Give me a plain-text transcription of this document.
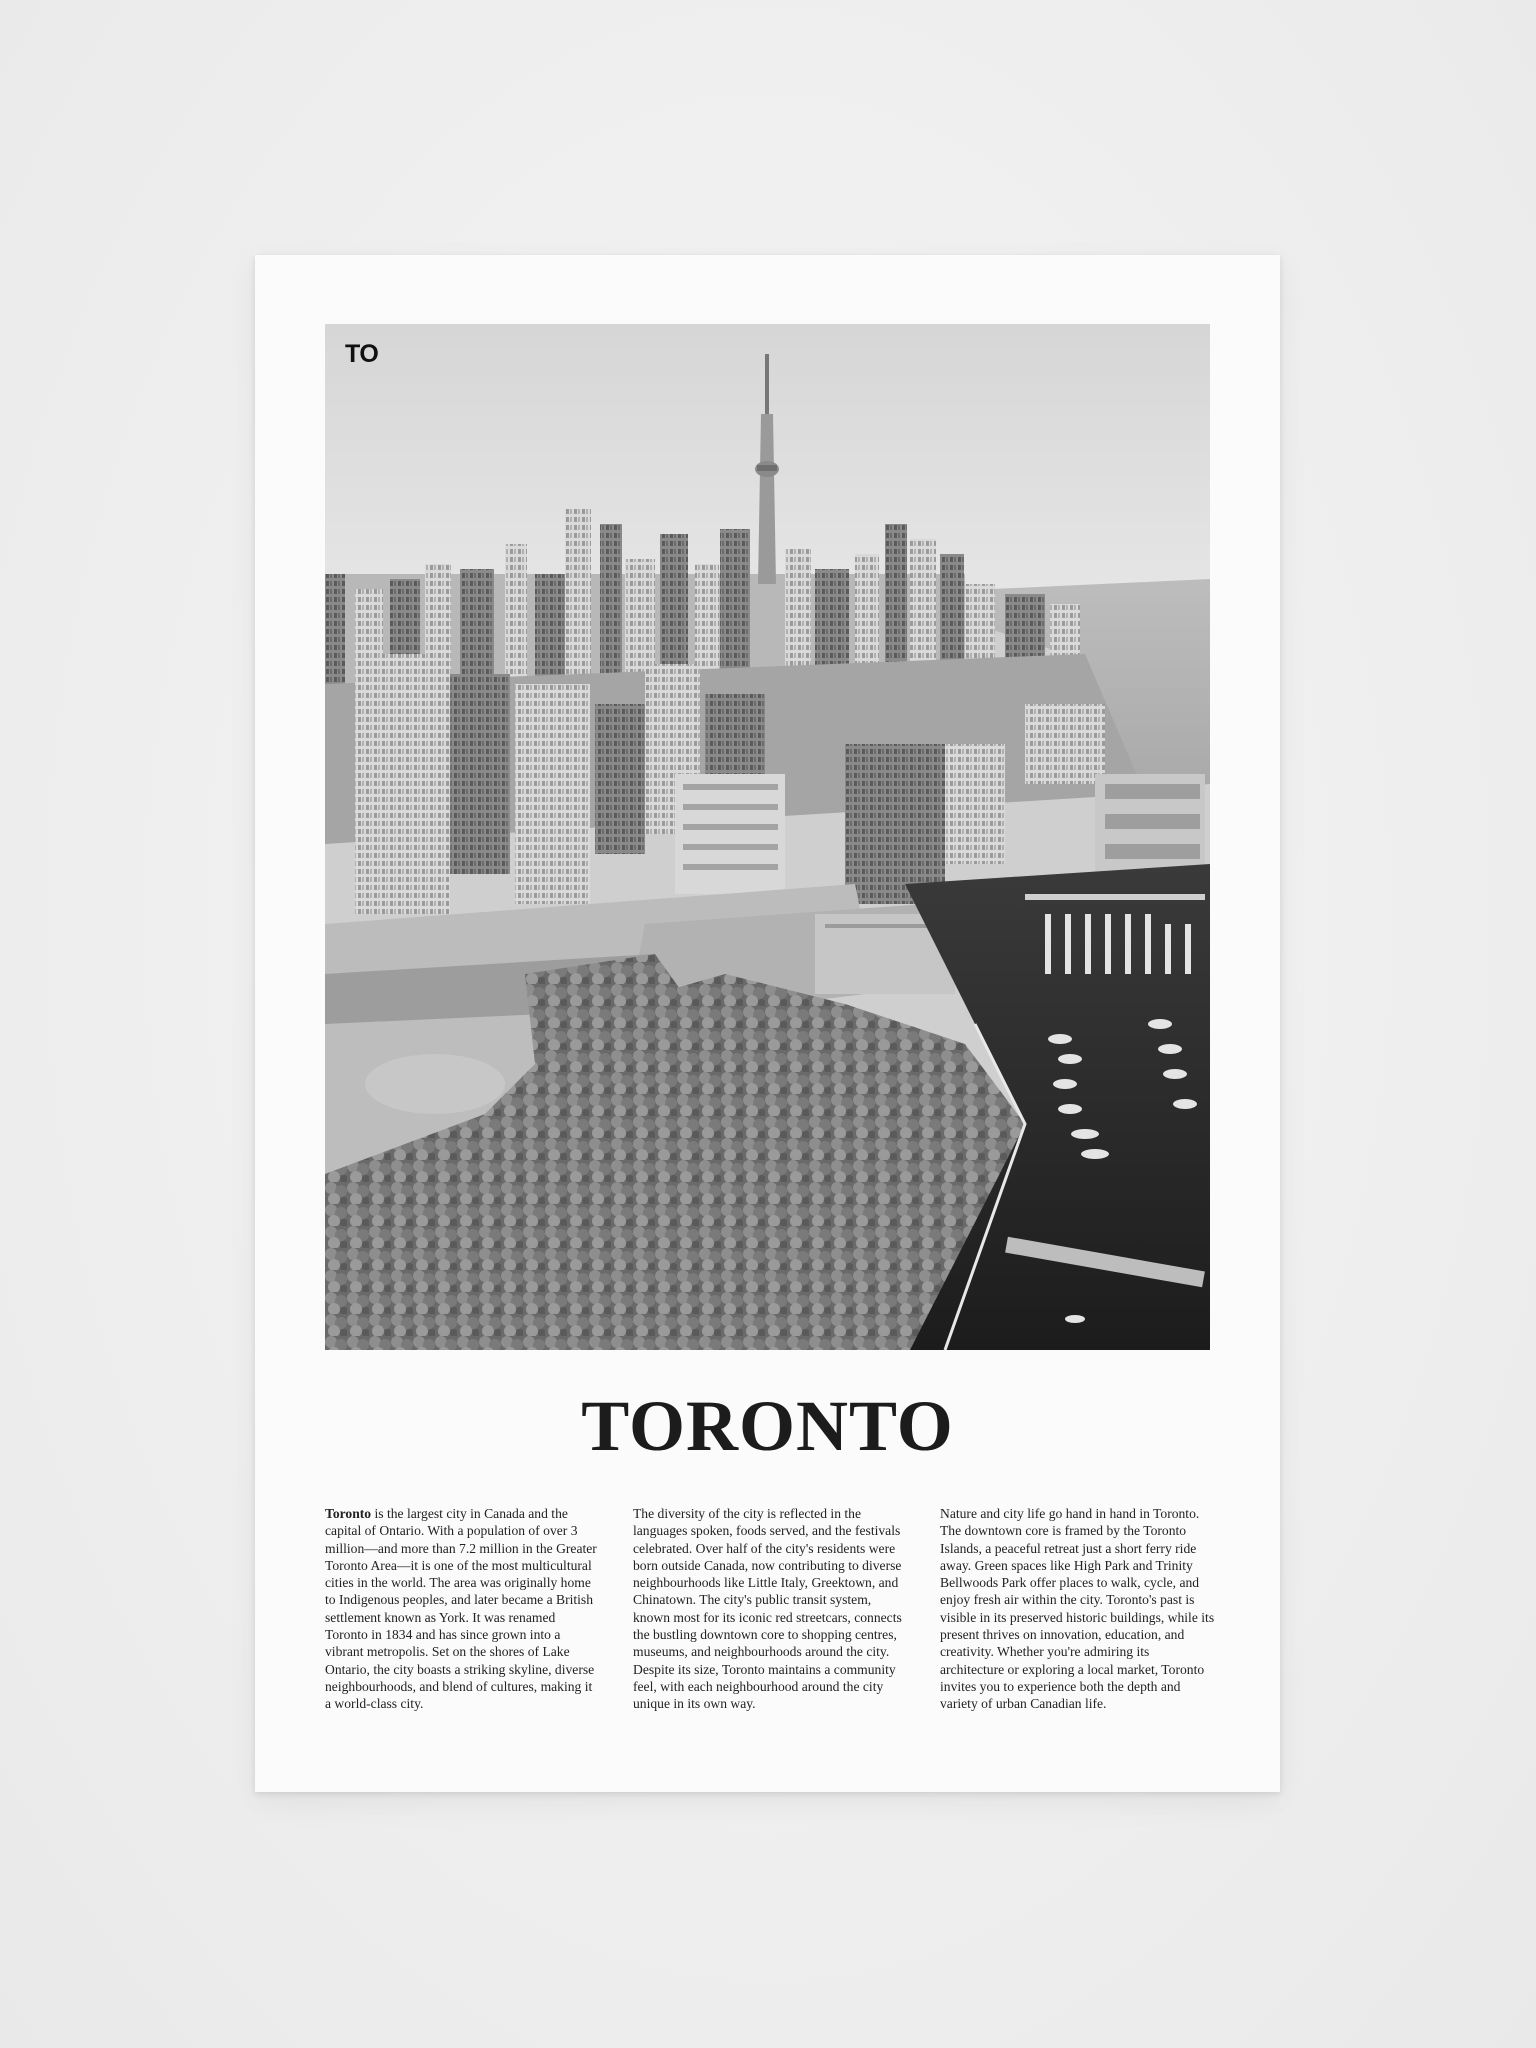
TO
TORONTO
Toronto is the largest city in Canada and the capital of Ontario. With a population of over 3 million—and more than 7.2 million in the Greater Toronto Area—it is one of the most multicultural cities in the world. The area was originally home to Indigenous peoples, and later became a British settlement known as York. It was renamed Toronto in 1834 and has since grown into a vibrant metropolis. Set on the shores of Lake Ontario, the city boasts a striking skyline, diverse neighbourhoods, and blend of cultures, making it a world-class city.
The diversity of the city is reflected in the languages spoken, foods served, and the festivals celebrated. Over half of the city's residents were born outside Canada, now contributing to diverse neighbourhoods like Little Italy, Greektown, and Chinatown. The city's public transit system, known most for its iconic red streetcars, connects the bustling downtown core to shopping centres, museums, and neighbourhoods around the city. Despite its size, Toronto maintains a community feel, with each neighbourhood around the city unique in its own way.
Nature and city life go hand in hand in Toronto. The downtown core is framed by the Toronto Islands, a peaceful retreat just a short ferry ride away. Green spaces like High Park and Trinity Bellwoods Park offer places to walk, cycle, and enjoy fresh air within the city. Toronto's past is visible in its preserved historic buildings, while its present thrives on innovation, education, and creativity. Whether you're admiring its architecture or exploring a local market, Toronto invites you to experience both the depth and variety of urban Canadian life.
